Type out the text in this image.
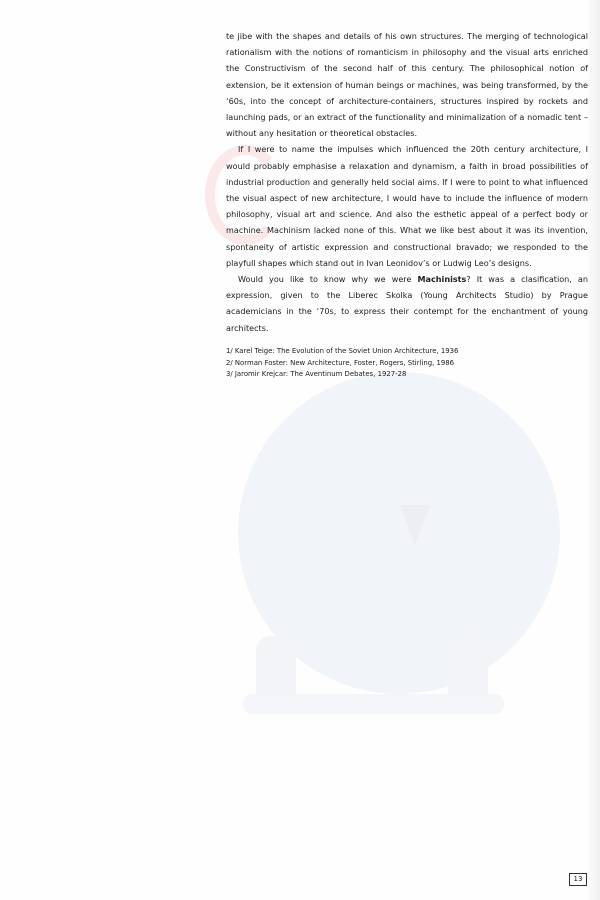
te jibe with the shapes and details of his own structures. The merging of technological rationalism with the notions of romanticism in philosophy and the visual arts enriched the Constructivism of the second half of this century. The philosophical notion of extension, be it extension of human beings or machines, was being transformed, by the ‘60s, into the concept of architecture-containers, structures inspired by rockets and launching pads, or an extract of the functionality and minimalization of a nomadic tent – without any hesitation or theoretical obstacles.

If I were to name the impulses which influenced the 20th century architecture, I would probably emphasise a relaxation and dynamism, a faith in broad possibilities of industrial production and generally held social aims. If I were to point to what influenced the visual aspect of new architecture, I would have to include the influence of modern philosophy, visual art and science. And also the esthetic appeal of a perfect body or machine. Machinism lacked none of this. What we like best about it was its invention, spontaneity of artistic expression and constructional bravado; we responded to the playfull shapes which stand out in Ivan Leonidov’s or Ludwig Leo’s designs.

Would you like to know why we were Machinists? It was a clasification, an expression, given to the Liberec Skolka (Young Architects Studio) by Prague academicians in the ‘70s, to express their contempt for the enchantment of young architects.

1/ Karel Teige: The Evolution of the Soviet Union Architecture, 1936
2/ Norman Foster: New Architecture, Foster, Rogers, Stirling, 1986
3/ Jaromir Krejcar: The Aventinum Debates, 1927-28
13
